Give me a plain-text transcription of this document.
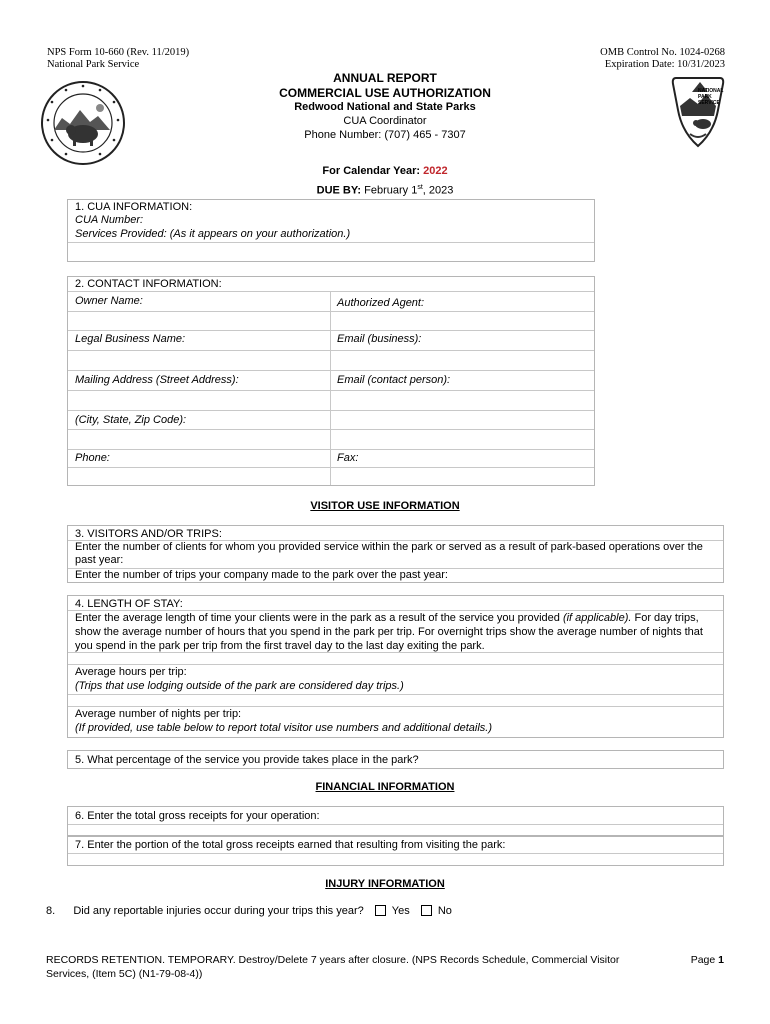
NPS Form 10-660 (Rev. 11/2019)
National Park Service
OMB Control No. 1024-0268
Expiration Date: 10/31/2023
NATIONAL
PARK
SERVICE
ANNUAL REPORT
COMMERCIAL USE AUTHORIZATION
Redwood National and State Parks
CUA Coordinator
Phone Number: (707) 465 - 7307
For Calendar Year: 2022
DUE BY: February 1st, 2023
1. CUA INFORMATION:
CUA Number:
Services Provided: (As it appears on your authorization.)
2. CONTACT INFORMATION:
Owner Name:	Authorized Agent:
Legal Business Name:	Email (business):
Mailing Address (Street Address):	Email (contact person):
(City, State, Zip Code):
Phone:	Fax:
VISITOR USE INFORMATION
3. VISITORS AND/OR TRIPS:
Enter the number of clients for whom you provided service within the park or served as a result of park-based operations over the past year:
Enter the number of trips your company made to the park over the past year:
4. LENGTH OF STAY:
Enter the average length of time your clients were in the park as a result of the service you provided (if applicable). For day trips, show the average number of hours that you spend in the park per trip. For overnight trips show the average number of nights that you spend in the park per trip from the first travel day to the last day exiting the park.
Average hours per trip:
(Trips that use lodging outside of the park are considered day trips.)
Average number of nights per trip:
(If provided, use table below to report total visitor use numbers and additional details.)
5. What percentage of the service you provide takes place in the park?
FINANCIAL INFORMATION
6. Enter the total gross receipts for your operation:
7. Enter the portion of the total gross receipts earned that resulting from visiting the park:
INJURY INFORMATION
8. Did any reportable injuries occur during your trips this year?	Yes	No
RECORDS RETENTION. TEMPORARY. Destroy/Delete 7 years after closure. (NPS Records Schedule, Commercial Visitor Services, (Item 5C) (N1-79-08-4))
Page 1
